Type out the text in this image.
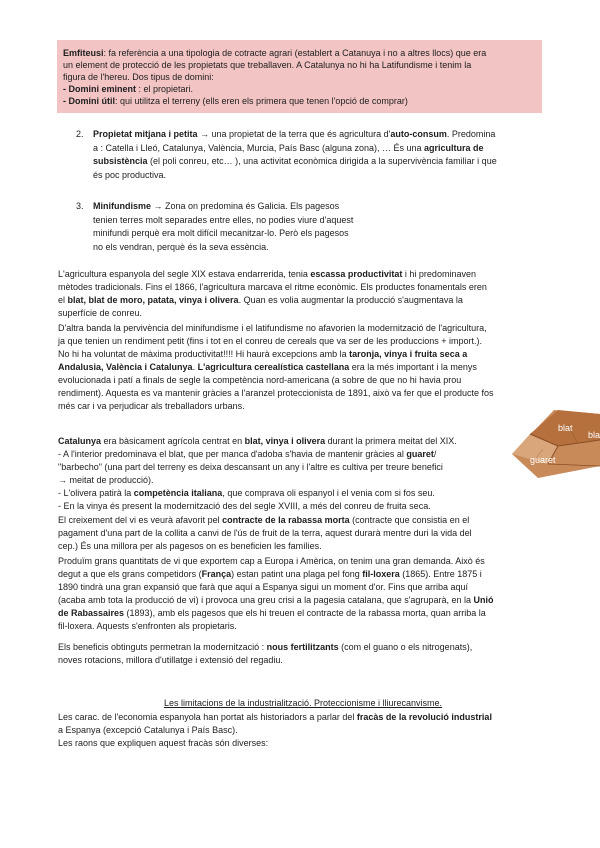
Emfiteusi: fa referència a una tipologia de cotracte agrari (establert a Catanuya i no a altres llocs) que era
un element de protecció de les propietats que treballaven. A Catalunya no hi ha Latifundisme i tenim la
figura de l'hereu. Dos tipus de domini:
- Domini eminent : el propietari.
- Domini útil: qui utilitza el terreny (ells eren els primera que tenen l'opció de comprar)
2. Propietat mitjana i petita → una propietat de la terra que és agricultura d'auto-consum. Predomina
a : Catella i Lleó, Catalunya, València, Murcia, País Basc (alguna zona), … És una agricultura de
subsistència (el poli conreu, etc… ), una activitat econòmica dirigida a la supervivència familiar i que
és poc productiva.
3. Minifundisme → Zona on predomina és Galicia. Els pagesos
tenien terres molt separades entre elles, no podies viure d'aquest
minifundi perquè era molt difícil mecanitzar-lo. Però els pagesos
no els vendran, perquè és la seva essència.

L'agricultura espanyola del segle XIX estava endarrerida, tenia escassa productivitat i hi predominaven

mètodes tradicionals. Fins el 1866, l'agricultura marcava el ritme econòmic. Els productes fonamentals eren

el blat, blat de moro, patata, vinya i olivera. Quan es volia augmentar la producció s'augmentava la

superfície de conreu.

D'altra banda la pervivència del minifundisme i el latifundisme no afavorien la modernització de l'agricultura,

ja que tenien un rendiment petit (fins i tot en el conreu de cereals que va ser de les produccions + import.).

No hi ha voluntat de màxima productivitat!!!! Hi haurà excepcions amb la taronja, vinya i fruita seca a

Andalusia, València i Catalunya. L'agricultura cerealística castellana era la més important i la menys

evolucionada i patí a finals de segle la competència nord-americana (a sobre de que no hi havia prou

rendiment). Aquesta es va mantenir gràcies a l'aranzel proteccionista de 1891, això va fer que el producte fos

més car i va perjudicar als treballadors urbans.

Catalunya era bàsicament agrícola centrat en blat, vinya i olivera durant la primera meitat del XIX.

- A l'interior predominava el blat, que per manca d'adoba s'havia de mantenir gràcies al guaret/

"barbecho" (una part del terreny es deixa descansant un any i l'altre es cultiva per treure benefici

→ meitat de producció).

- L'olivera patirà la competència italiana, que comprava oli espanyol i el venia com si fos seu.

- En la vinya és present la modernització des del segle XVIII, a més del conreu de fruita seca.

blat
bla
guaret

El creixement del vi es veurà afavorit pel contracte de la rabassa morta (contracte que consistia en el

pagament d'una part de la collita a canvi de l'ús de fruit de la terra, aquest durarà mentre duri la vida del

cep.) És una millora per als pagesos on es beneficien les famílies.

Produïm grans quantitats de vi que exportem cap a Europa i Amèrica, on tenim una gran demanda. Això és

degut a que els grans competidors (França) estan patint una plaga pel fong fil-loxera (1865). Entre 1875 i

1890 tindrà una gran expansió que farà que aquí a Espanya sigui un moment d'or. Fins que arriba aquí

(acaba amb tota la producció de vi) i provoca una greu crisi a la pagesia catalana, que s'agruparà, en la Unió

de Rabassaires (1893), amb els pagesos que els hi treuen el contracte de la rabassa morta, quan arriba la

fil-loxera. Aquests s'enfronten als propietaris.

Els beneficis obtinguts permetran la modernització : nous fertilitzants (com el guano o els nitrogenats),

noves rotacions, millora d'utillatge i extensió del regadiu.

Les limitacions de la industrialització. Proteccionisme i lliurecanvisme.

Les carac. de l'economia espanyola han portat als historiadors a parlar del fracàs de la revolució industrial

a Espanya (excepció Catalunya i País Basc).

Les raons que expliquen aquest fracàs són diverses:
